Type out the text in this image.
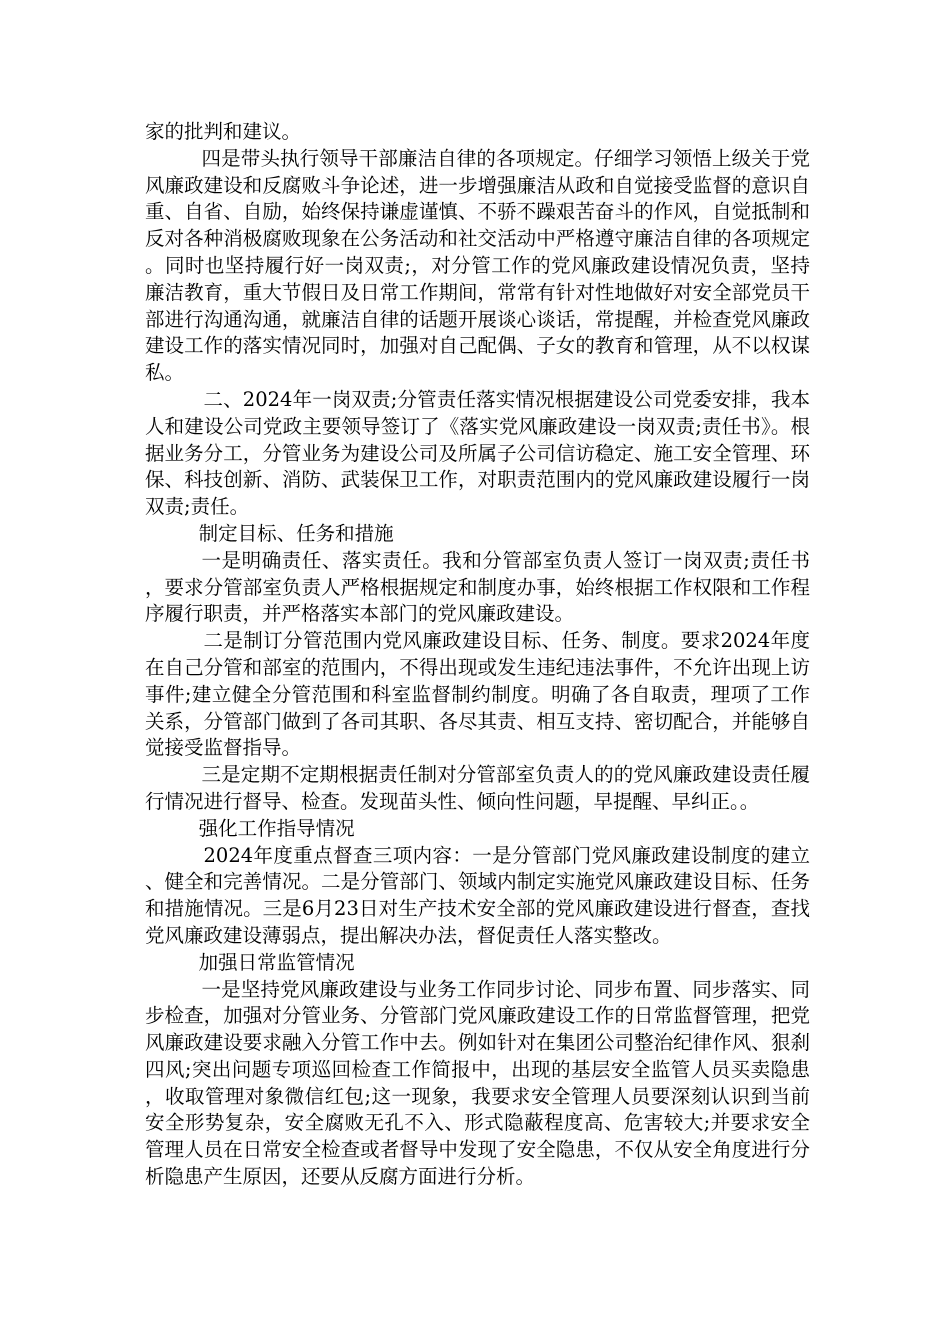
家的批判和建议。

四是带头执行领导干部廉洁自律的各项规定。仔细学习领悟上级关于党风廉政建设和反腐败斗争论述，进一步增强廉洁从政和自觉接受监督的意识自重、自省、自励，始终保持谦虚谨慎、不骄不躁艰苦奋斗的作风，自觉抵制和反对各种消极腐败现象在公务活动和社交活动中严格遵守廉洁自律的各项规定。同时也坚持履行好一岗双责;，对分管工作的党风廉政建设情况负责，坚持廉洁教育，重大节假日及日常工作期间，常常有针对性地做好对安全部党员干部进行沟通沟通，就廉洁自律的话题开展谈心谈话，常提醒，并检查党风廉政建设工作的落实情况同时，加强对自己配偶、子女的教育和管理，从不以权谋私。

二、2024年一岗双责;分管责任落实情况根据建设公司党委安排，我本人和建设公司党政主要领导签订了《落实党风廉政建设一岗双责;责任书》。根据业务分工，分管业务为建设公司及所属子公司信访稳定、施工安全管理、环保、科技创新、消防、武装保卫工作，对职责范围内的党风廉政建设履行一岗双责;责任。

制定目标、任务和措施

一是明确责任、落实责任。我和分管部室负责人签订一岗双责;责任书，要求分管部室负责人严格根据规定和制度办事，始终根据工作权限和工作程序履行职责，并严格落实本部门的党风廉政建设。

二是制订分管范围内党风廉政建设目标、任务、制度。要求2024年度在自己分管和部室的范围内，不得出现或发生违纪违法事件，不允许出现上访事件;建立健全分管范围和科室监督制约制度。明确了各自取责，理项了工作关系，分管部门做到了各司其职、各尽其责、相互支持、密切配合，并能够自觉接受监督指导。

三是定期不定期根据责任制对分管部室负责人的的党风廉政建设责任履行情况进行督导、检查。发现苗头性、倾向性问题，早提醒、早纠正。。

强化工作指导情况

2024年度重点督查三项内容：一是分管部门党风廉政建设制度的建立、健全和完善情况。二是分管部门、领域内制定实施党风廉政建设目标、任务和措施情况。三是6月23日对生产技术安全部的党风廉政建设进行督查，查找党风廉政建设薄弱点，提出解决办法，督促责任人落实整改。

加强日常监管情况

一是坚持党风廉政建设与业务工作同步讨论、同步布置、同步落实、同步检查，加强对分管业务、分管部门党风廉政建设工作的日常监督管理，把党风廉政建设要求融入分管工作中去。例如针对在集团公司整治纪律作风、狠刹四风;突出问题专项巡回检查工作简报中，出现的基层安全监管人员买卖隐患，收取管理对象微信红包;这一现象，我要求安全管理人员要深刻认识到当前安全形势复杂，安全腐败无孔不入、形式隐蔽程度高、危害较大;并要求安全管理人员在日常安全检查或者督导中发现了安全隐患，不仅从安全角度进行分析隐患产生原因，还要从反腐方面进行分析。
